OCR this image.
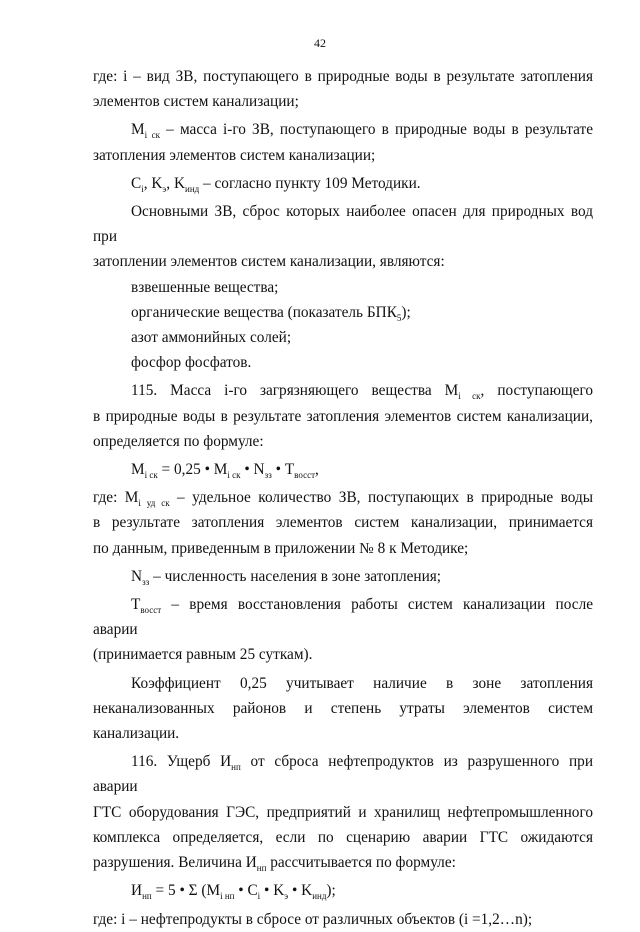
42

где: i – вид ЗВ, поступающего в природные воды в результате затопления

элементов систем канализации;

$M_{i ск}$ – масса i-го ЗВ, поступающего в природные воды в результате

затопления элементов систем канализации;

$C_i$, $K_э$, $K_{инд}$ – согласно пункту 109 Методики.

Основными ЗВ, сброс которых наиболее опасен для природных вод при

затоплении элементов систем канализации, являются:

взвешенные вещества;

органические вещества (показатель $БПК_5$);

азот аммонийных солей;

фосфор фосфатов.

115. Масса i-го загрязняющего вещества $M_{i ск}$, поступающего

в природные воды в результате затопления элементов систем канализации,

определяется по формуле:

$M_{i ск} = 0,25$ • $M_{i ск}$ • $N_{зз}$ • $T_{восст}$,

где: $M_{i уд ск}$ – удельное количество ЗВ, поступающих в природные воды

в результате затопления элементов систем канализации, принимается

по данным, приведенным в приложении № 8 к Методике;

$N_{зз}$ – численность населения в зоне затопления;

$T_{восст}$ – время восстановления работы систем канализации после аварии

(принимается равным 25 суткам).

Коэффициент 0,25 учитывает наличие в зоне затопления

неканализованных районов и степень утраты элементов систем канализации.

116. Ущерб $И_{нп}$ от сброса нефтепродуктов из разрушенного при аварии

ГТС оборудования ГЭС, предприятий и хранилищ нефтепромышленного

комплекса определяется, если по сценарию аварии ГТС ожидаются

разрушения. Величина $И_{нп}$ рассчитывается по формуле:

$И_{нп} = 5$ • Σ ($M_{i нп}$ • $C_i$ • $K_э$ • $K_{инд}$);

где: i – нефтепродукты в сбросе от различных объектов (i =1,2…n);
